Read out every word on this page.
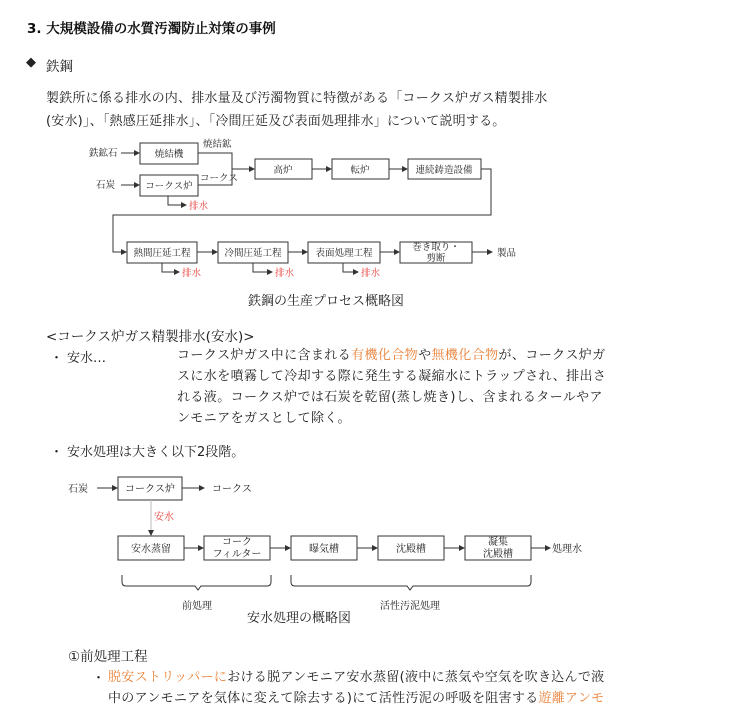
3. 大規模設備の水質汚濁防止対策の事例
◆ 鉄鋼
製鉄所に係る排水の内、排水量及び汚濁物質に特徴がある「コークス炉ガス精製排水
(安水)」、「熱感圧延排水」、「冷間圧延及び表面処理排水」について説明する。
鉄鉱石
石炭
焼結鉱
コークス
焼結機
コークス炉
高炉	転炉	連続鋳造設備
熱間圧延工程	冷間圧延工程	表面処理工程
巻き取り・
剪断	製品
排水
排水	排水	排水
鉄鋼の生産プロセス概略図
<コークス炉ガス精製排水(安水)>
・ 安水…	コークス炉ガス中に含まれる有機化合物や無機化合物が、コークス炉ガ
スに水を噴霧して冷却する際に発生する凝縮水にトラップされ、排出さ
れる液。コークス炉では石炭を乾留(蒸し焼き)し、含まれるタールやア
ンモニアをガスとして除く。
・ 安水処理は大きく以下2段階。
石炭	コークス
処理水
前処理	活性汚泥処理
安水
コークス炉
安水蒸留
コーク
フィルター	曝気槽	沈殿槽
凝集
沈殿槽
安水処理の概略図
①前処理工程
・ 脱安ストリッパーにおける脱アンモニア安水蒸留(液中に蒸気や空気を吹き込んで液
中のアンモニアを気体に変えて除去する)にて活性汚泥の呼吸を阻害する遊離アンモ
